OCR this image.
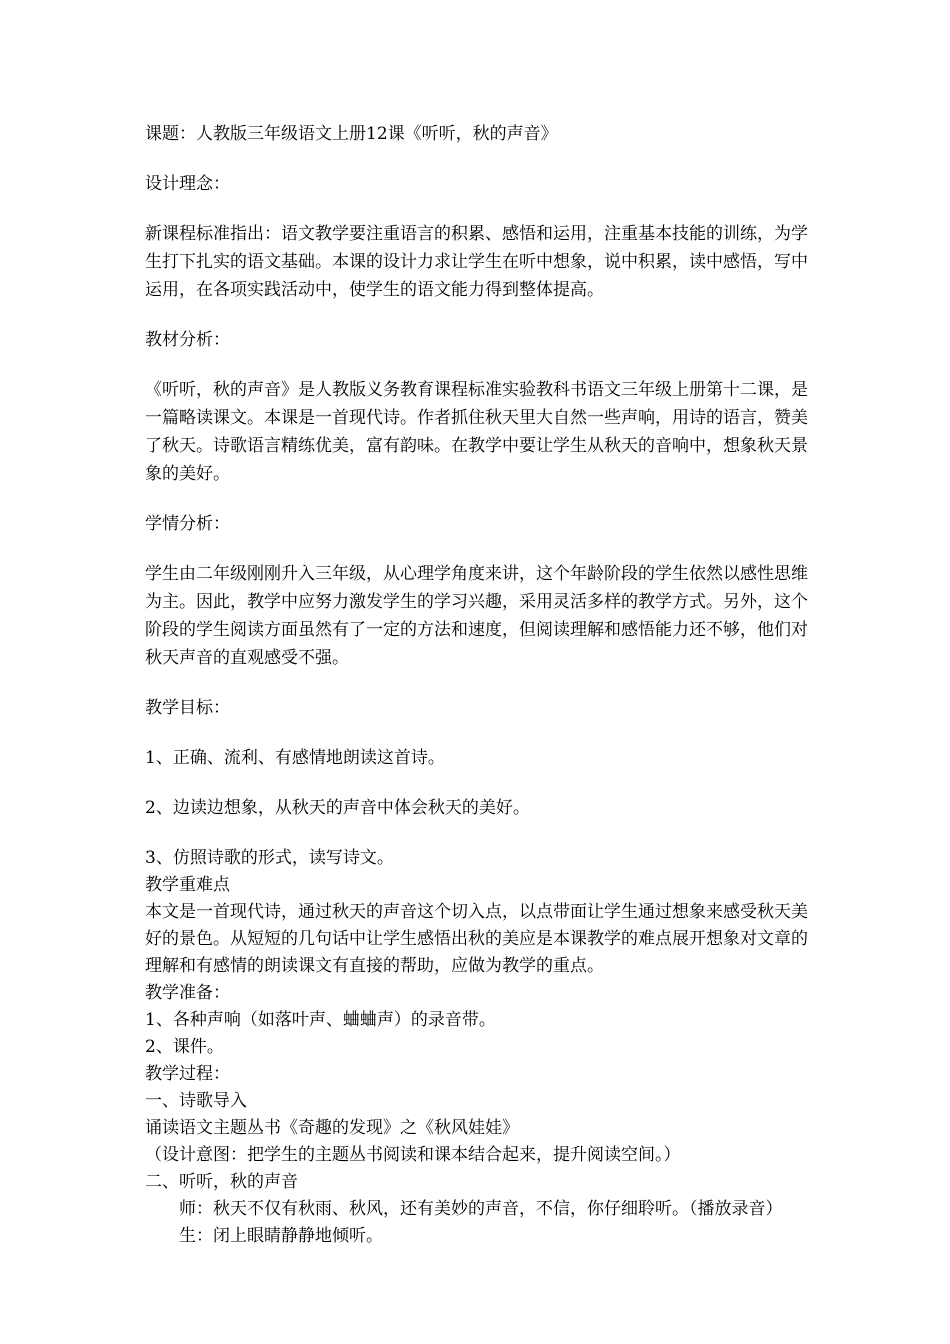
课题：人教版三年级语文上册12课《听听，秋的声音》

设计理念：

新课程标准指出：语文教学要注重语言的积累、感悟和运用，注重基本技能的训练，为学生打下扎实的语文基础。本课的设计力求让学生在听中想象，说中积累，读中感悟，写中运用，在各项实践活动中，使学生的语文能力得到整体提高。

教材分析：

《听听，秋的声音》是人教版义务教育课程标准实验教科书语文三年级上册第十二课，是一篇略读课文。本课是一首现代诗。作者抓住秋天里大自然一些声响，用诗的语言，赞美了秋天。诗歌语言精练优美，富有韵味。在教学中要让学生从秋天的音响中，想象秋天景象的美好。

学情分析：

学生由二年级刚刚升入三年级，从心理学角度来讲，这个年龄阶段的学生依然以感性思维为主。因此，教学中应努力激发学生的学习兴趣，采用灵活多样的教学方式。另外，这个阶段的学生阅读方面虽然有了一定的方法和速度，但阅读理解和感悟能力还不够，他们对秋天声音的直观感受不强。

教学目标：

1、正确、流利、有感情地朗读这首诗。

2、边读边想象，从秋天的声音中体会秋天的美好。

3、仿照诗歌的形式，读写诗文。

教学重难点

本文是一首现代诗，通过秋天的声音这个切入点，以点带面让学生通过想象来感受秋天美好的景色。从短短的几句话中让学生感悟出秋的美应是本课教学的难点展开想象对文章的理解和有感情的朗读课文有直接的帮助，应做为教学的重点。

教学准备：

1、各种声响（如落叶声、蛐蛐声）的录音带。

2、课件。

教学过程：

一、诗歌导入

诵读语文主题丛书《奇趣的发现》之《秋风娃娃》

（设计意图：把学生的主题丛书阅读和课本结合起来，提升阅读空间。）

二、听听，秋的声音

师：秋天不仅有秋雨、秋风，还有美妙的声音，不信，你仔细聆听。（播放录音）

生：闭上眼睛静静地倾听。
